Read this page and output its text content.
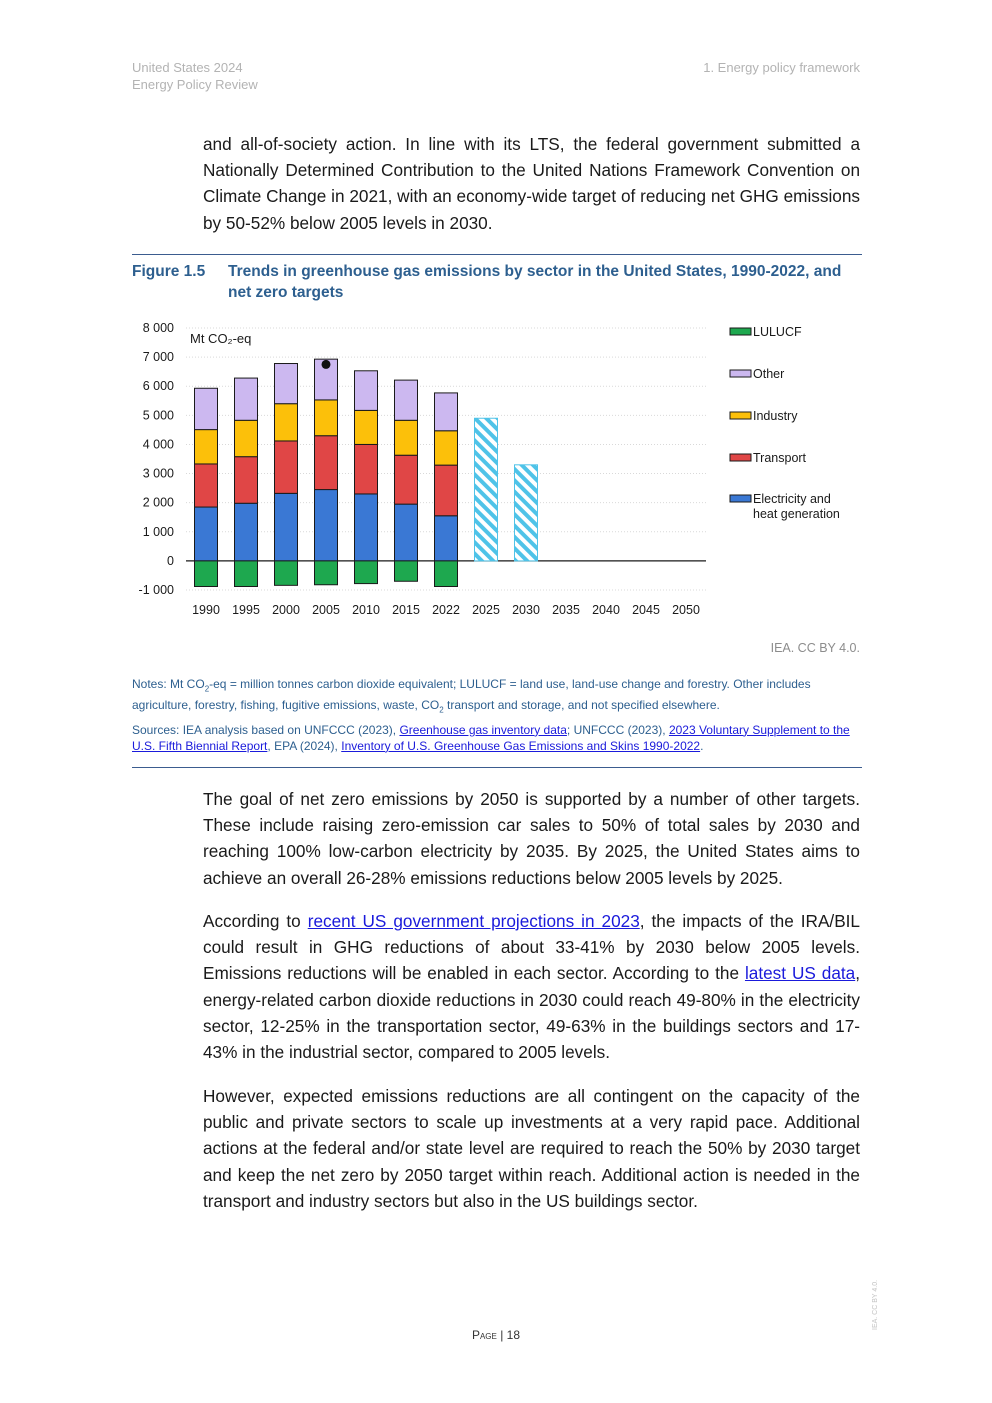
United States 2024
Energy Policy Review
1. Energy policy framework

and all-of-society action. In line with its LTS, the federal government submitted a Nationally Determined Contribution to the United Nations Framework Convention on Climate Change in 2021, with an economy-wide target of reducing net GHG emissions by 50-52% below 2005 levels in 2030.

Figure 1.5 Trends in greenhouse gas emissions by sector in the United States, 1990-2022, and net zero targets
8 000
7 000
6 000
5 000
4 000
3 000
2 000
1 000
0
-1 000
1990 1995 2000 2005 2010 2015 2022 2025 2030 2035 2040 2045 2050
Mt CO₂-eq	LULUCF
Other
Industry
Transport
Electricity and heat generation
IEA. CC BY 4.0.
Notes: Mt $CO_2-eq$ = million tonnes carbon dioxide equivalent; LULUCF = land use, land-use change and forestry. Other includes agriculture, forestry, fishing, fugitive emissions, waste, $CO_2$ transport and storage, and not specified elsewhere.
Sources: IEA analysis based on UNFCCC (2023), Greenhouse gas inventory data; UNFCCC (2023), 2023 Voluntary Supplement to the U.S. Fifth Biennial Report, EPA (2024), Inventory of U.S. Greenhouse Gas Emissions and Skins 1990-2022.

The goal of net zero emissions by 2050 is supported by a number of other targets. These include raising zero-emission car sales to 50% of total sales by 2030 and reaching 100% low-carbon electricity by 2035. By 2025, the United States aims to achieve an overall 26-28% emissions reductions below 2005 levels by 2025.

According to recent US government projections in 2023, the impacts of the IRA/BIL could result in GHG reductions of about 33-41% by 2030 below 2005 levels. Emissions reductions will be enabled in each sector. According to the latest US data, energy-related carbon dioxide reductions in 2030 could reach 49-80% in the electricity sector, 12-25% in the transportation sector, 49-63% in the buildings sectors and 17-43% in the industrial sector, compared to 2005 levels.

However, expected emissions reductions are all contingent on the capacity of the public and private sectors to scale up investments at a very rapid pace. Additional actions at the federal and/or state level are required to reach the 50% by 2030 target and keep the net zero by 2050 target within reach. Additional action is needed in the transport and industry sectors but also in the US buildings sector.

IEA. CC BY 4.0.
Page | 18
